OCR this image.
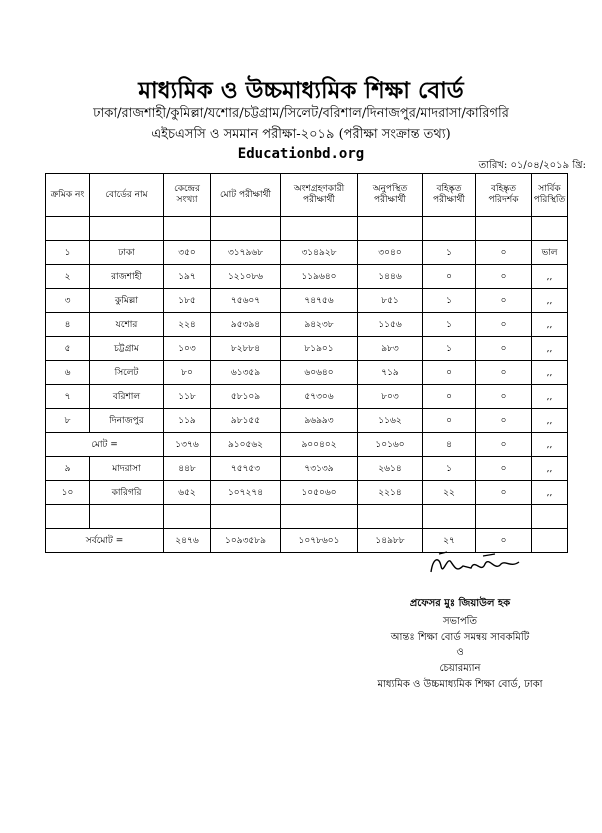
মাধ্যমিক ও উচ্চমাধ্যমিক শিক্ষা বোর্ড
ঢাকা/রাজশাহী/কুমিল্লা/যশোর/চট্টগ্রাম/সিলেট/বরিশাল/দিনাজপুর/মাদরাসা/কারিগরি
এইচএসসি ও সমমান পরীক্ষা-২০১৯ (পরীক্ষা সংক্রান্ত তথ্য)
Educationbd.org
তারিখ: ০১/০৪/২০১৯ খ্রি:
ক্রমিক নং	বোর্ডের নাম	কেন্দ্রের সংখ্যা	মোট পরীক্ষার্থী	অংশগ্রহণকারী পরীক্ষার্থী	অনুপস্থিত পরীক্ষার্থী	বহিষ্কৃত পরীক্ষার্থী	বহিষ্কৃত পরিদর্শক	সার্বিক পরিস্থিতি

১	ঢাকা	৩৫০	৩১৭৯৬৮	৩১৪৯২৮	৩০৪০	১	০	ভাল
২	রাজশাহী	১৯৭	১২১০৮৬	১১৯৬৪০	১৪৪৬	০	০	,,
৩	কুমিল্লা	১৮৫	৭৫৬০৭	৭৪৭৫৬	৮৫১	১	০	,,
৪	যশোর	২২৪	৯৫৩৯৪	৯৪২৩৮	১১৫৬	১	০	,,
৫	চট্টগ্রাম	১০৩	৮২৮৮৪	৮১৯০১	৯৮৩	১	০	,,
৬	সিলেট	৮০	৬১৩৫৯	৬০৬৪০	৭১৯	০	০	,,
৭	বরিশাল	১১৮	৫৮১০৯	৫৭৩০৬	৮০৩	০	০	,,
৮	দিনাজপুর	১১৯	৯৮১৫৫	৯৬৯৯৩	১১৬২	০	০	,,
মোট =		১৩৭৬	৯১০৫৬২	৯০০৪০২	১০১৬০	৪	০	,,
৯	মাদরাসা	৪৪৮	৭৫৭৫৩	৭৩১৩৯	২৬১৪	১	০	,,
১০	কারিগরি	৬৫২	১০৭২৭৪	১০৫০৬০	২২১৪	২২	০	,,

সর্বমোট =		২৪৭৬	১০৯৩৫৮৯	১০৭৮৬০১	১৪৯৮৮	২৭	০	
প্রফেসর মুঃ জিয়াউল হক
সভাপতি
আন্তঃ শিক্ষা বোর্ড সমন্বয় সাবকমিটি
ও
চেয়ারম্যান
মাধ্যমিক ও উচ্চমাধ্যমিক শিক্ষা বোর্ড, ঢাকা
